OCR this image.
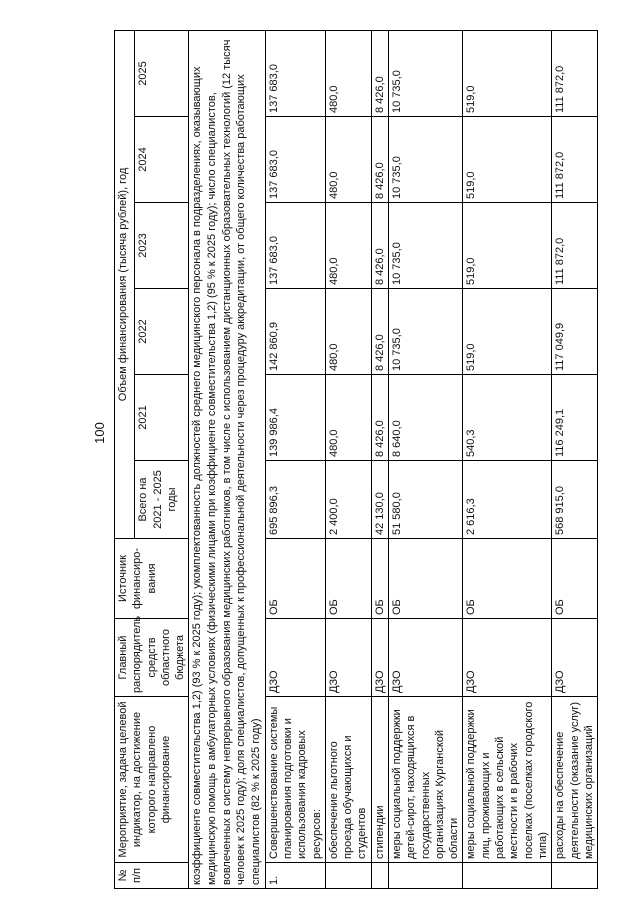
100
№ п/п	Мероприятие, задача целевой индикатор, на достижение которого направлено финансирование	Главный распорядитель средств областного бюджета	Источник финансиро-вания	Объем финансирования (тысяча рублей), год					
				Всего на 2021 - 2025 годы	2021	2022	2023	2024	2025
коэффициенте совместительства 1,2) (93 % к 2025 году); укомплектованность должностей среднего медицинского персонала в подразделениях, оказывающих медицинскую помощь в амбулаторных условиях (физическими лицами при коэффициенте совместительства 1,2) (95 % к 2025 году); число специалистов, вовлеченных в систему непрерывного образования медицинских работников, в том числе с использованием дистанционных образовательных технологий (12 тысяч человек к 2025 году); доля специалистов, допущенных к профессиональной деятельности через процедуру аккредитации, от общего количества работающих специалистов (82 % к 2025 году)									
1.	Совершенствование системы планирования подготовки и использования кадровых ресурсов:	ДЗО	ОБ	695 896,3	139 986,4	142 860,9	137 683,0	137 683,0	137 683,0
	обеспечение льготного проезда обучающихся и студентов	ДЗО	ОБ	2 400,0	480,0	480,0	480,0	480,0	480,0
	стипендии	ДЗО	ОБ	42 130,0	8 426,0	8 426,0	8 426,0	8 426,0	8 426,0
	меры социальной поддержки детей-сирот, находящихся в государственных организациях Курганской области	ДЗО	ОБ	51 580,0	8 640,0	10 735,0	10 735,0	10 735,0	10 735,0
	меры социальной поддержки лиц, проживающих и работающих в сельской местности и в рабочих поселках (поселках городского типа)	ДЗО	ОБ	2 616,3	540,3	519,0	519,0	519,0	519,0
	расходы на обеспечение деятельности (оказание услуг) медицинских организаций	ДЗО	ОБ	568 915,0	116 249,1	117 049,9	111 872,0	111 872,0	111 872,0
